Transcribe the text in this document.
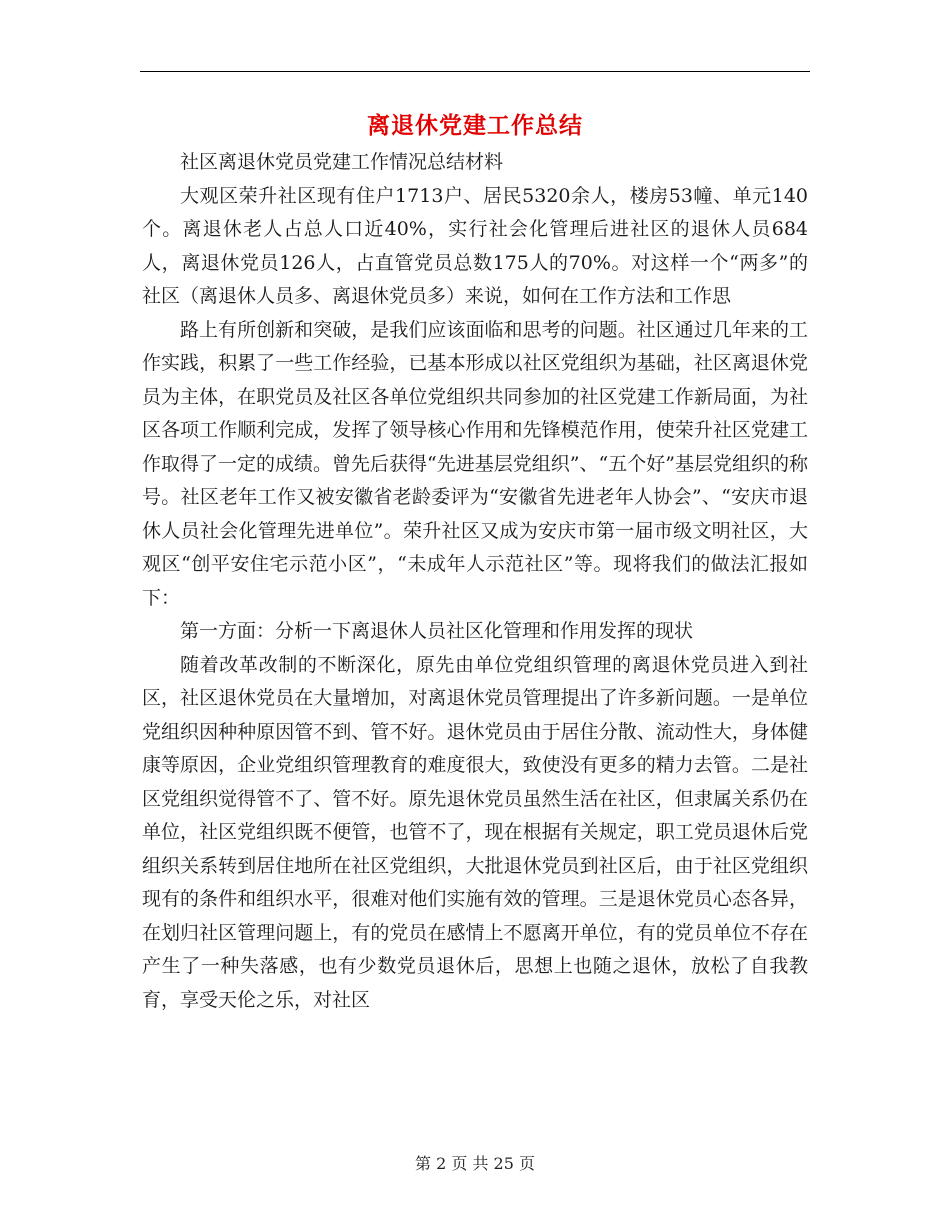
离退休党建工作总结

社区离退休党员党建工作情况总结材料

大观区荣升社区现有住户1713户、居民5320余人，楼房53幢、单元140个。离退休老人占总人口近40%，实行社会化管理后进社区的退休人员684人，离退休党员126人，占直管党员总数175人的70%。对这样一个“两多”的社区（离退休人员多、离退休党员多）来说，如何在工作方法和工作思

路上有所创新和突破，是我们应该面临和思考的问题。社区通过几年来的工作实践，积累了一些工作经验，已基本形成以社区党组织为基础，社区离退休党员为主体，在职党员及社区各单位党组织共同参加的社区党建工作新局面，为社区各项工作顺利完成，发挥了领导核心作用和先锋模范作用，使荣升社区党建工作取得了一定的成绩。曾先后获得“先进基层党组织”、“五个好”基层党组织的称号。社区老年工作又被安徽省老龄委评为“安徽省先进老年人协会”、“安庆市退休人员社会化管理先进单位”。荣升社区又成为安庆市第一届市级文明社区，大观区“创平安住宅示范小区”，“未成年人示范社区”等。现将我们的做法汇报如下：

第一方面：分析一下离退休人员社区化管理和作用发挥的现状

随着改革改制的不断深化，原先由单位党组织管理的离退休党员进入到社区，社区退休党员在大量增加，对离退休党员管理提出了许多新问题。一是单位党组织因种种原因管不到、管不好。退休党员由于居住分散、流动性大，身体健康等原因，企业党组织管理教育的难度很大，致使没有更多的精力去管。二是社区党组织觉得管不了、管不好。原先退休党员虽然生活在社区，但隶属关系仍在单位，社区党组织既不便管，也管不了，现在根据有关规定，职工党员退休后党组织关系转到居住地所在社区党组织，大批退休党员到社区后，由于社区党组织现有的条件和组织水平，很难对他们实施有效的管理。三是退休党员心态各异，在划归社区管理问题上，有的党员在感情上不愿离开单位，有的党员单位不存在产生了一种失落感，也有少数党员退休后，思想上也随之退休，放松了自我教育，享受天伦之乐，对社区

第 2 页 共 25 页
